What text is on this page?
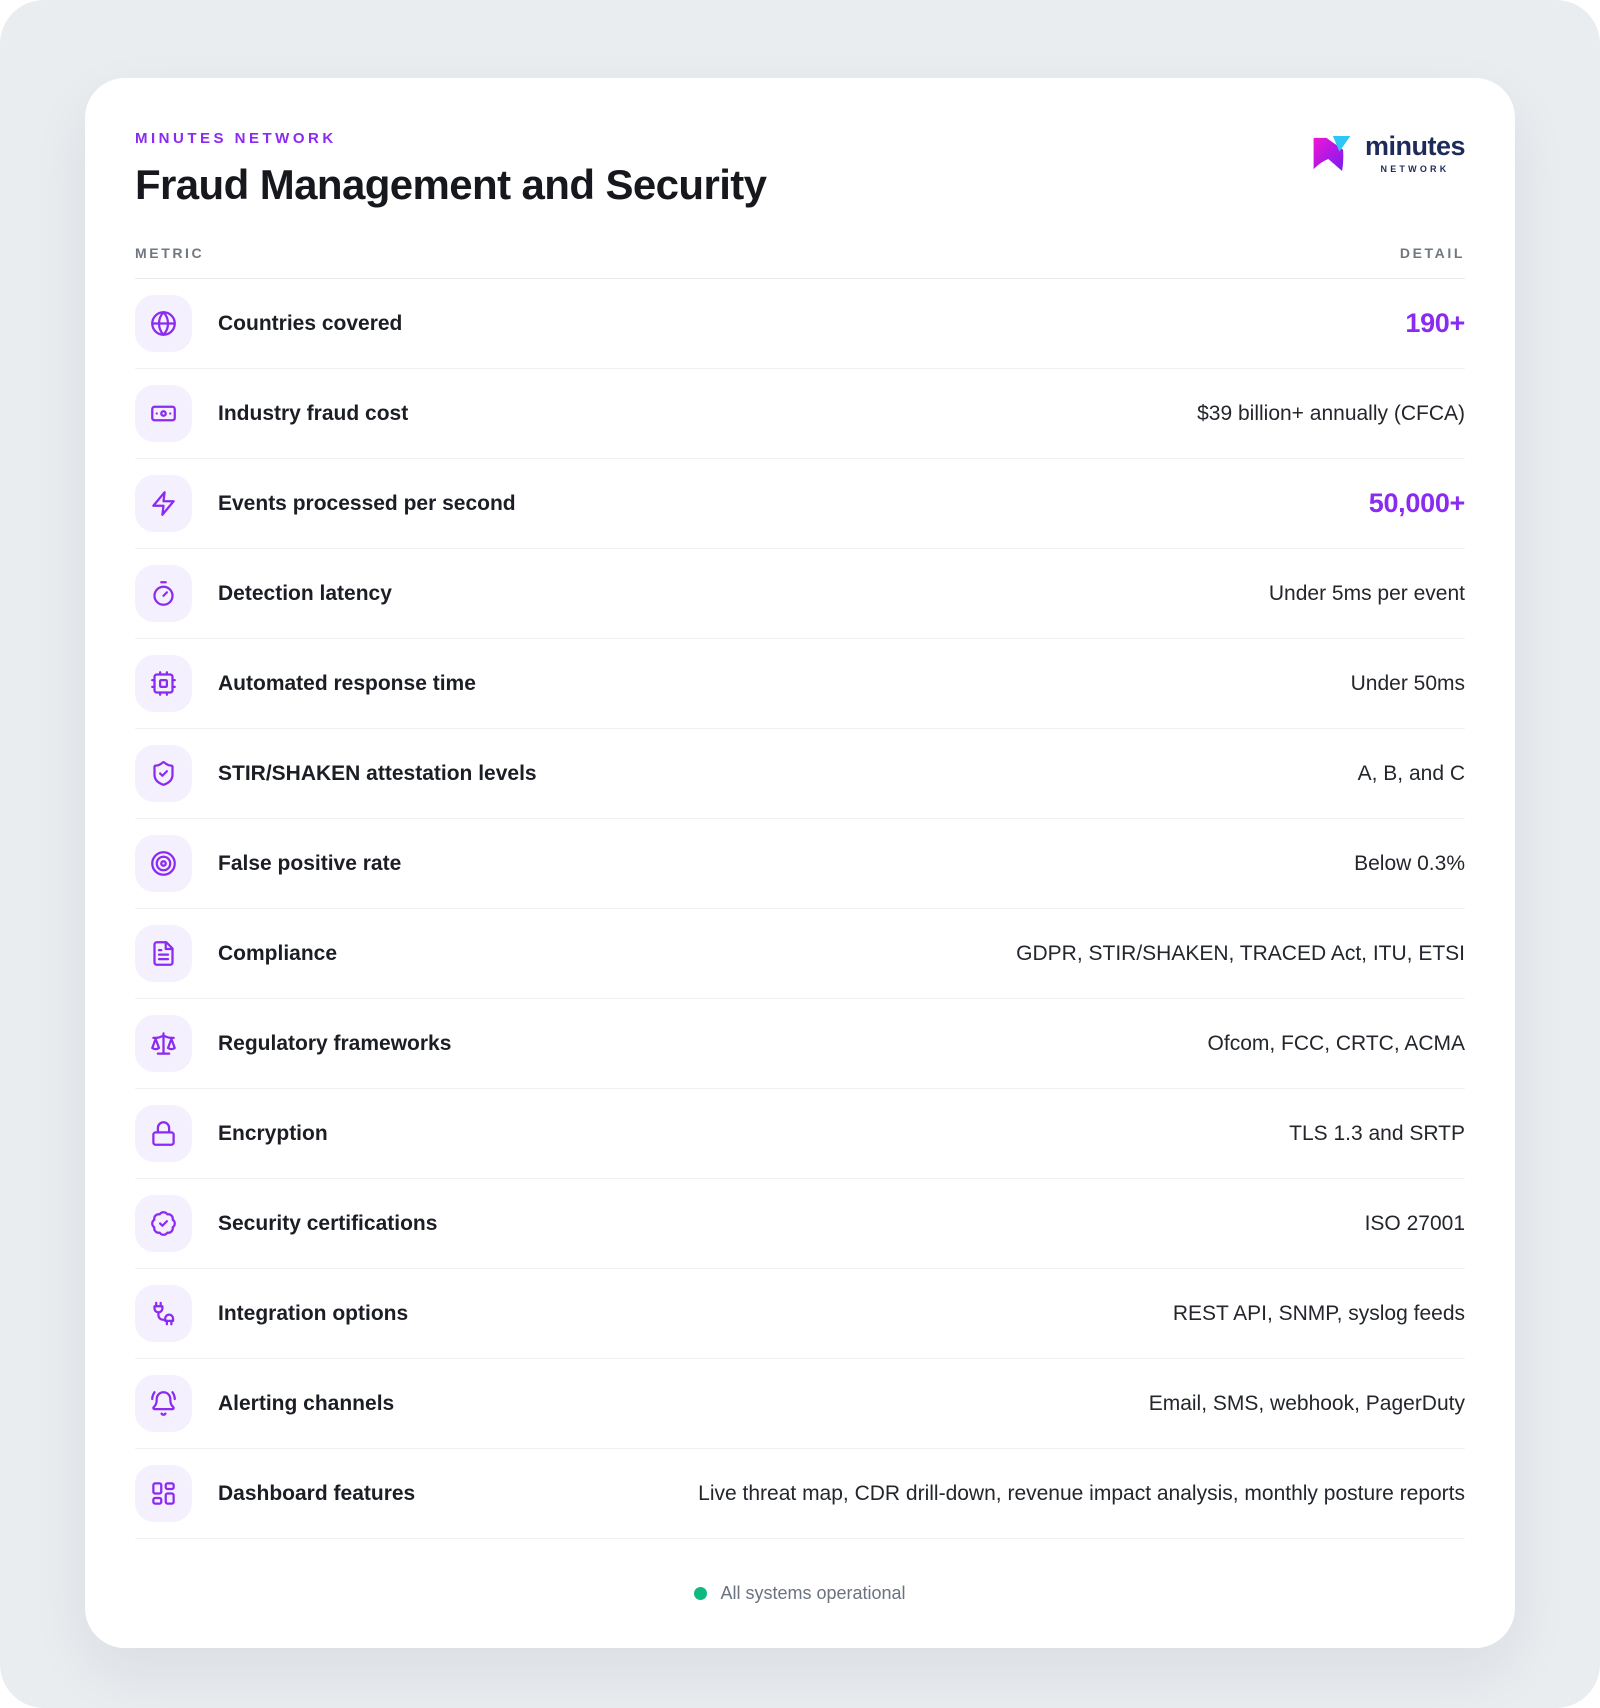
MINUTES NETWORK
Fraud Management and Security
minutes
NETWORK
METRIC	DETAIL
Countries covered	190+
Industry fraud cost	$39 billion+ annually (CFCA)
Events processed per second	50,000+
Detection latency	Under 5ms per event
Automated response time	Under 50ms
STIR/SHAKEN attestation levels	A, B, and C
False positive rate	Below 0.3%
Compliance	GDPR, STIR/SHAKEN, TRACED Act, ITU, ETSI
Regulatory frameworks	Ofcom, FCC, CRTC, ACMA
Encryption	TLS 1.3 and SRTP
Security certifications	ISO 27001
Integration options	REST API, SNMP, syslog feeds
Alerting channels	Email, SMS, webhook, PagerDuty
Dashboard features	Live threat map, CDR drill-down, revenue impact analysis, monthly posture reports
All systems operational
